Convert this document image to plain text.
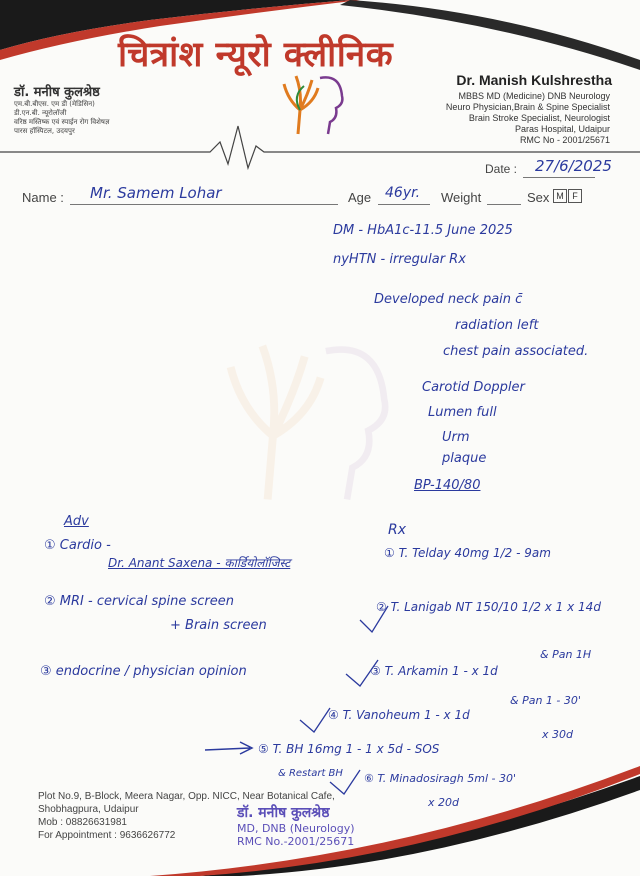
चित्रांश न्यूरो क्लीनिक
डॉ. मनीष कुलश्रेष्ठ
एम.बी.बीएस. एम डी (मेडिसिन)
डी.एन.बी. न्यूरोलॉजी
वरिष्ठ मस्तिष्क एवं स्पाईन रोग विशेषज्ञ
पारस हॉस्पिटल, उदयपुर
Dr. Manish Kulshrestha
MBBS MD (Medicine) DNB Neurology
Neuro Physician,Brain & Spine Specialist
Brain Stroke Specialist, Neurologist
Paras Hospital, Udaipur
RMC No - 2001/25671
Date : 27/6/2025
Name : Mr. Samem Lohar	Age 46yr. Weight	Sex M F
DM - HbA1c-11.5 June 2025
nyHTN - irregular Rx
Developed neck pain c̄
radiation left
chest pain associated.
Carotid Doppler
Lumen full
Urm
plaque
BP-140/80
Adv
① Cardio -
Dr. Anant Saxena - कार्डियोलॉजिस्ट
② MRI - cervical spine screen
+ Brain screen
③ endocrine / physician opinion
Rx
① T. Telday 40mg 1/2 - 9am
② T. Lanigab NT 150/10 1/2 x 1 x 14d
③ T. Arkamin 1 - x 1d
④ T. Vanoheum 1 - x 1d
⑤ T. BH 16mg 1 - 1 x 5d - SOS
& Pan 1H
& Pan 1 - 30'
x 30d
& Restart BH ⑥ T. Minadosiragh 5ml - 30'
x 20d
Plot No.9, B-Block, Meera Nagar, Opp. NICC, Near Botanical Cafe,
Shobhagpura, Udaipur
Mob : 08826631981
For Appointment : 9636626772
डॉ. मनीष कुलश्रेष्ठ
MD, DNB (Neurology)
RMC No.-2001/25671
